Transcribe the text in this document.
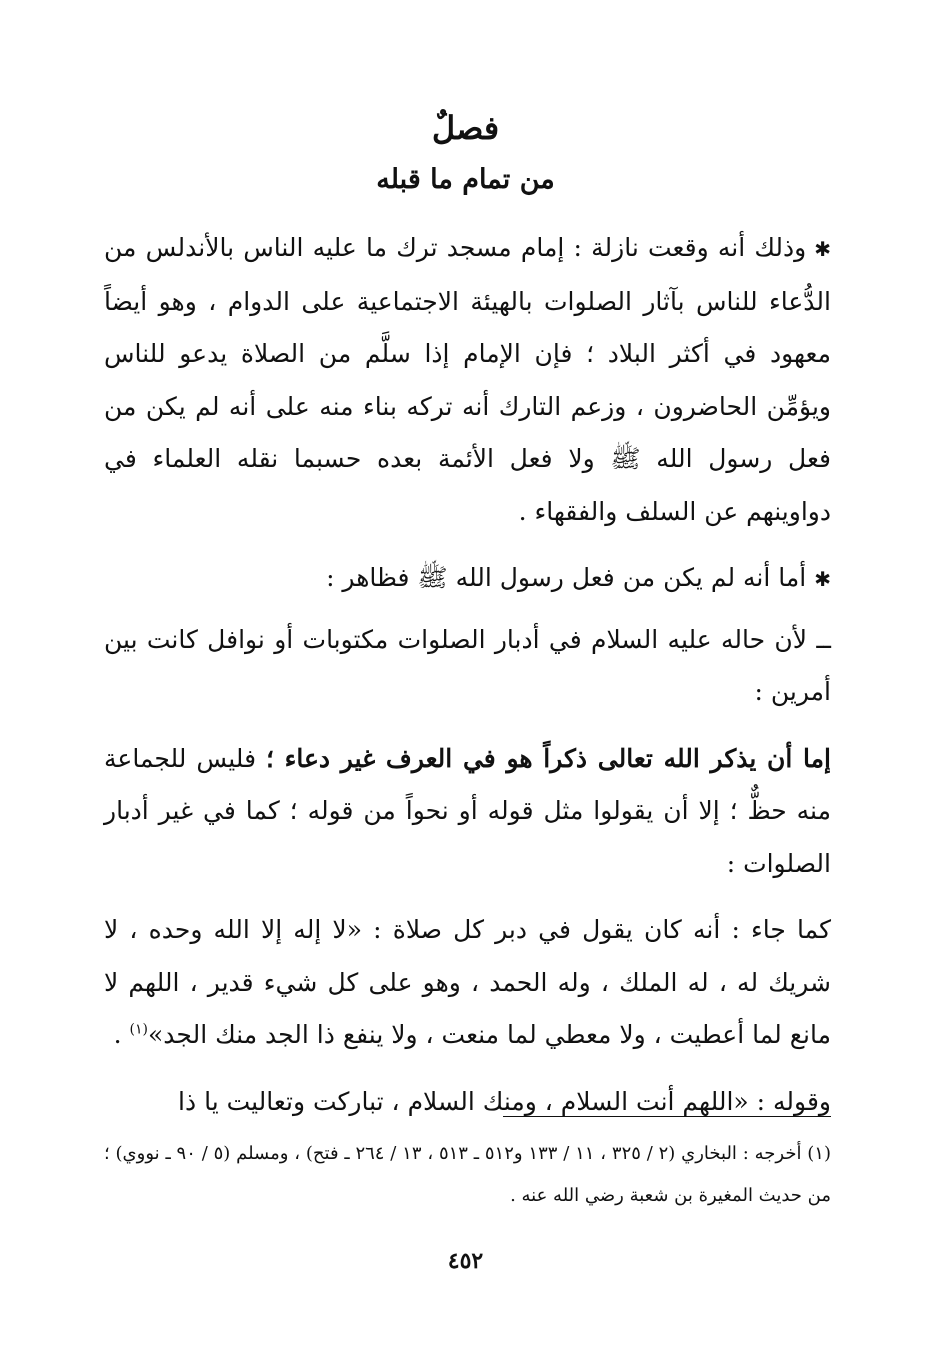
فصلٌ
من تمام ما قبله

✱وذلك أنه وقعت نازلة : إمام مسجد ترك ما عليه الناس بالأندلس من الدُّعاء للناس بآثار الصلوات بالهيئة الاجتماعية على الدوام ، وهو أيضاً معهود في أكثر البلاد ؛ فإن الإمام إذا سلَّم من الصلاة يدعو للناس ويؤمِّن الحاضرون ، وزعم التارك أنه تركه بناء منه على أنه لم يكن من فعل رسول الله ﷺ ولا فعل الأئمة بعده حسبما نقله العلماء في دواوينهم عن السلف والفقهاء .

✱أما أنه لم يكن من فعل رسول الله ﷺ فظاهر :

ــ لأن حاله عليه السلام في أدبار الصلوات مكتوبات أو نوافل كانت بين أمرين :

إما أن يذكر الله تعالى ذكراً هو في العرف غير دعاء ؛ فليس للجماعة منه حظٌّ ؛ إلا أن يقولوا مثل قوله أو نحواً من قوله ؛ كما في غير أدبار الصلوات :

كما جاء : أنه كان يقول في دبر كل صلاة : «لا إله إلا الله وحده ، لا شريك له ، له الملك ، وله الحمد ، وهو على كل شيء قدير ، اللهم لا مانع لما أعطيت ، ولا معطي لما منعت ، ولا ينفع ذا الجد منك الجد»$^{(١)}$ .

وقوله : «اللهم أنت السلام ، ومنك السلام ، تباركت وتعاليت يا ذا

(١) أخرجه : البخاري (٢ / ٣٢٥ ، ١١ / ١٣٣ و٥١٢ ـ ٥١٣ ، ١٣ / ٢٦٤ ـ فتح) ، ومسلم (٥ / ٩٠ ـ نووي) ؛ من حديث المغيرة بن شعبة رضي الله عنه .

٤٥٢
